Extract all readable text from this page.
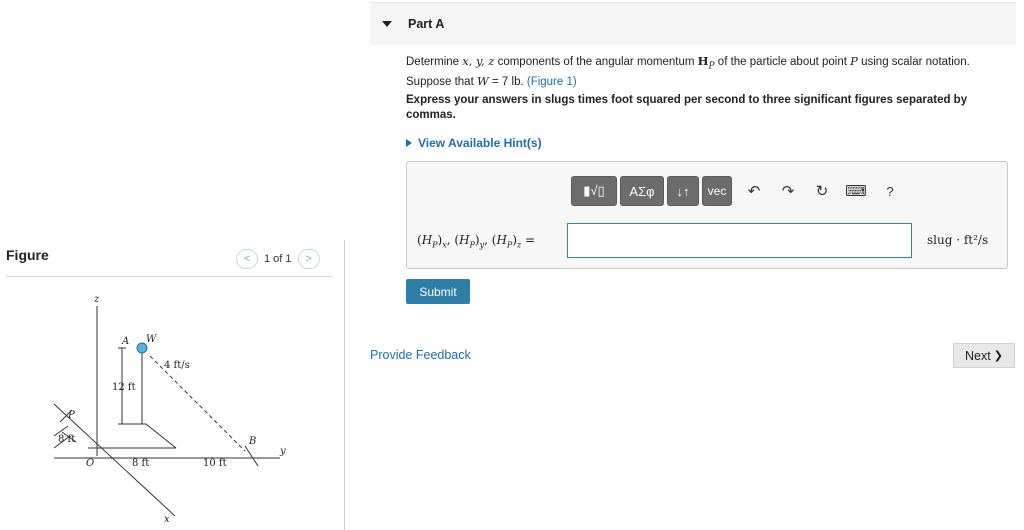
Figure	<	1 of 1	>
z
A W
4 ft/s
12 ft
P
8 ft
O	8 ft	10 ft
B
y
x
Part A
Determine x, y, z components of the angular momentum $H_P$ of the particle about point P using scalar notation.
Suppose that W = 7 lb. (Figure 1)
Express your answers in slugs times foot squared per second to three significant figures separated by commas.
View Available Hint(s)
▮√▯	ΑΣφ	↓↑	vec	↶	↷	↻	⌨	?
$(H_P)_x$, $(H_P)_y$, $(H_P)_z$ =	slug · ft²/s
Submit
Provide Feedback	Next ❯
